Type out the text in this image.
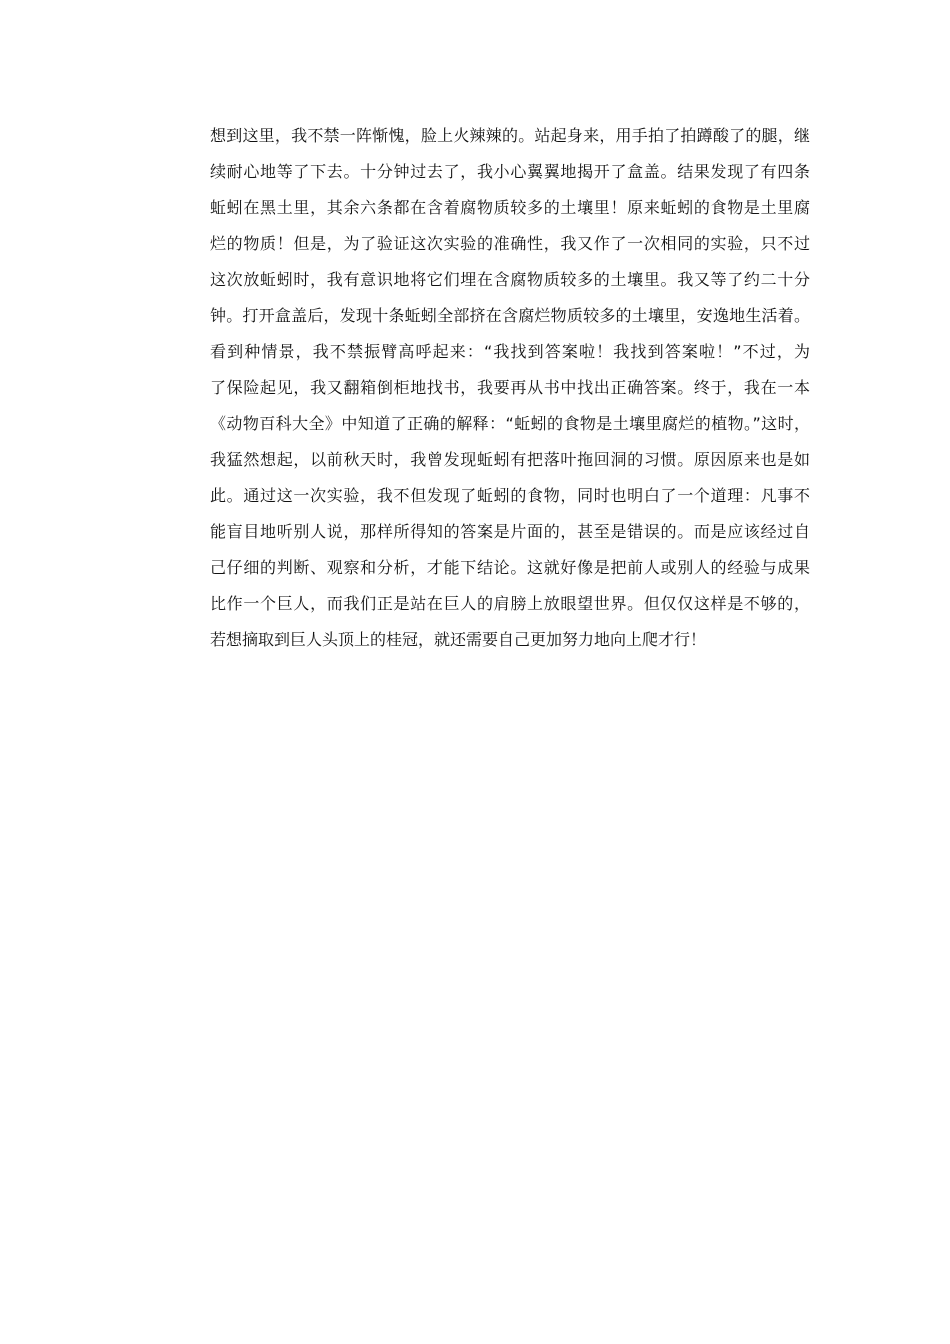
想到这里，我不禁一阵惭愧，脸上火辣辣的。站起身来，用手拍了拍蹲酸了的腿，继
续耐心地等了下去。十分钟过去了，我小心翼翼地揭开了盒盖。结果发现了有四条
蚯蚓在黑土里，其余六条都在含着腐物质较多的土壤里！原来蚯蚓的食物是土里腐
烂的物质！但是，为了验证这次实验的准确性，我又作了一次相同的实验，只不过
这次放蚯蚓时，我有意识地将它们埋在含腐物质较多的土壤里。我又等了约二十分
钟。打开盒盖后，发现十条蚯蚓全部挤在含腐烂物质较多的土壤里，安逸地生活着。
看到种情景，我不禁振臂高呼起来：“我找到答案啦！我找到答案啦！”不过，为
了保险起见，我又翻箱倒柜地找书，我要再从书中找出正确答案。终于，我在一本
《动物百科大全》中知道了正确的解释：“蚯蚓的食物是土壤里腐烂的植物。”这时，
我猛然想起，以前秋天时，我曾发现蚯蚓有把落叶拖回洞的习惯。原因原来也是如
此。通过这一次实验，我不但发现了蚯蚓的食物，同时也明白了一个道理：凡事不
能盲目地听别人说，那样所得知的答案是片面的，甚至是错误的。而是应该经过自
己仔细的判断、观察和分析，才能下结论。这就好像是把前人或别人的经验与成果
比作一个巨人，而我们正是站在巨人的肩膀上放眼望世界。但仅仅这样是不够的，
若想摘取到巨人头顶上的桂冠，就还需要自己更加努力地向上爬才行！
